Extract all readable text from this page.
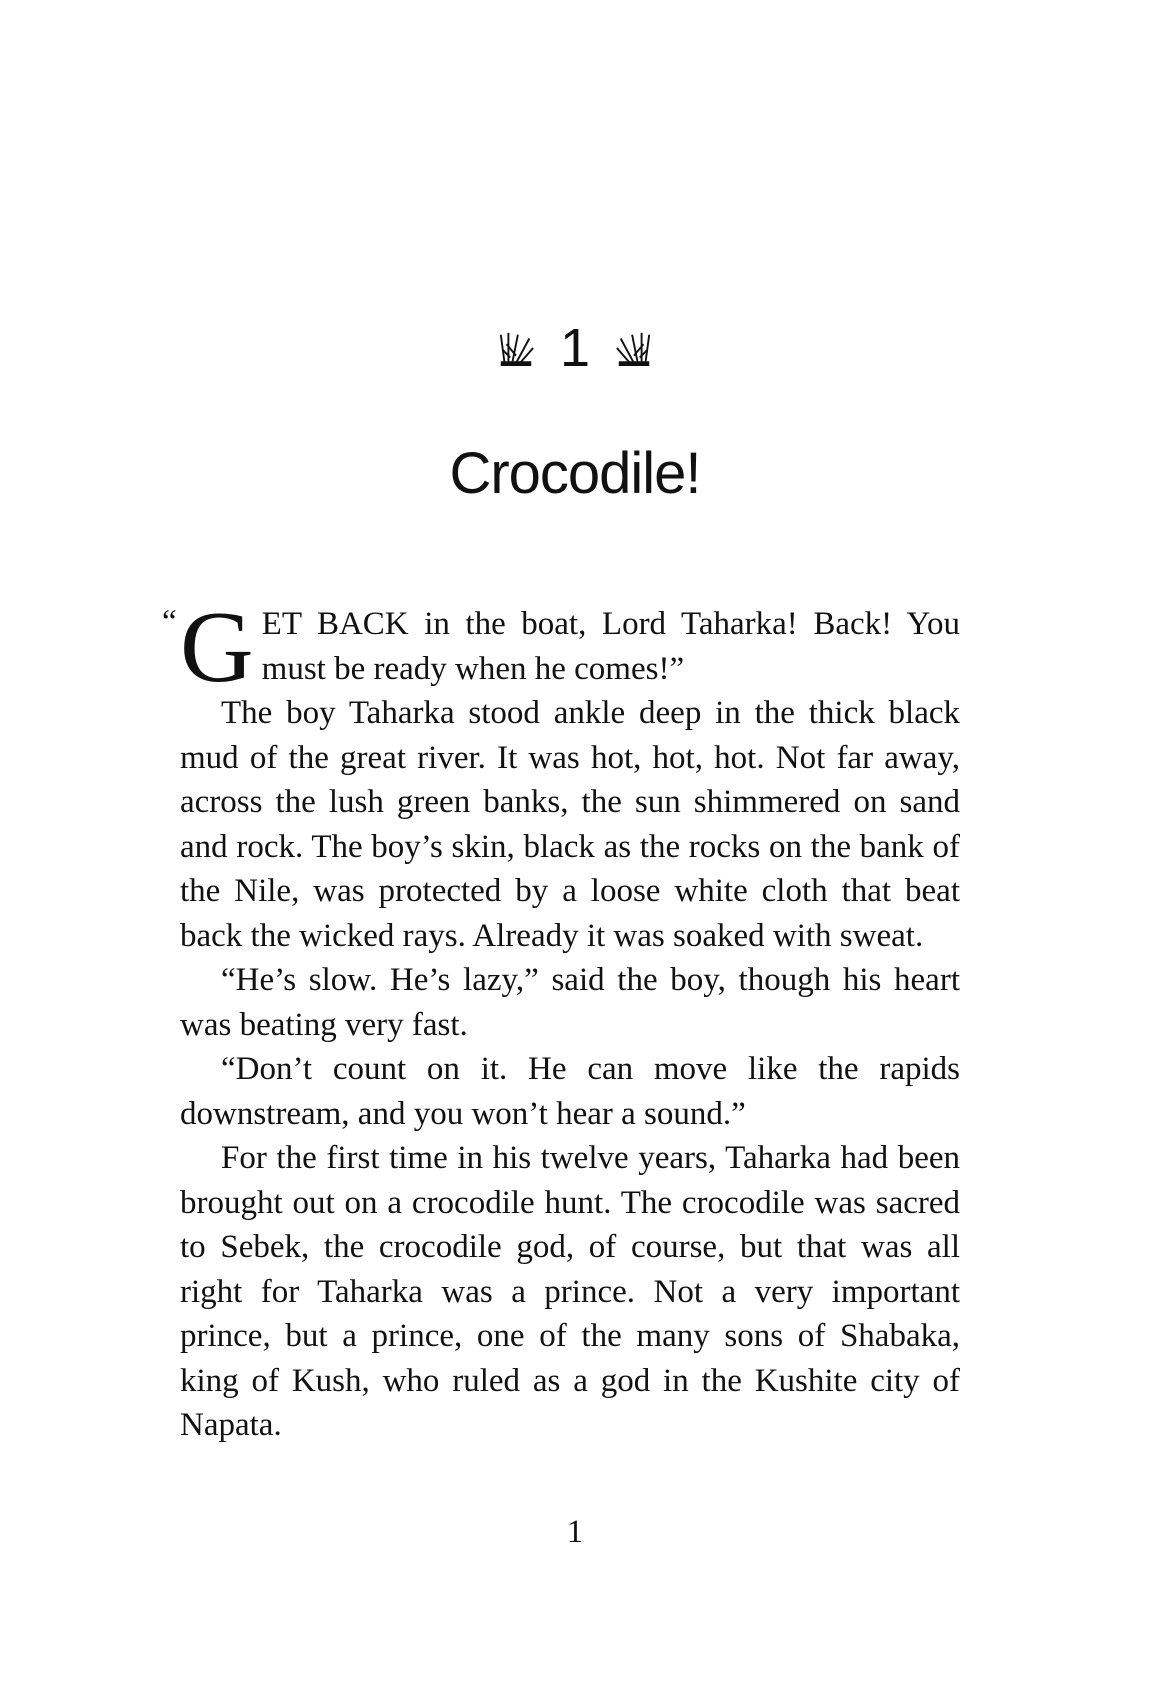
1
Crocodile!

“ G ET BACK in the boat, Lord Taharka! Back! You must be ready when he comes!”

The boy Taharka stood ankle deep in the thick black mud of the great river. It was hot, hot, hot. Not far away, across the lush green banks, the sun shimmered on sand and rock. The boy’s skin, black as the rocks on the bank of the Nile, was protected by a loose white cloth that beat back the wicked rays. Already it was soaked with sweat.

“He’s slow. He’s lazy,” said the boy, though his heart was beating very fast.

“Don’t count on it. He can move like the rapids downstream, and you won’t hear a sound.”

For the first time in his twelve years, Taharka had been brought out on a crocodile hunt. The crocodile was sacred to Sebek, the crocodile god, of course, but that was all right for Taharka was a prince. Not a very important prince, but a prince, one of the many sons of Shabaka, king of Kush, who ruled as a god in the Kushite city of Napata.

1
